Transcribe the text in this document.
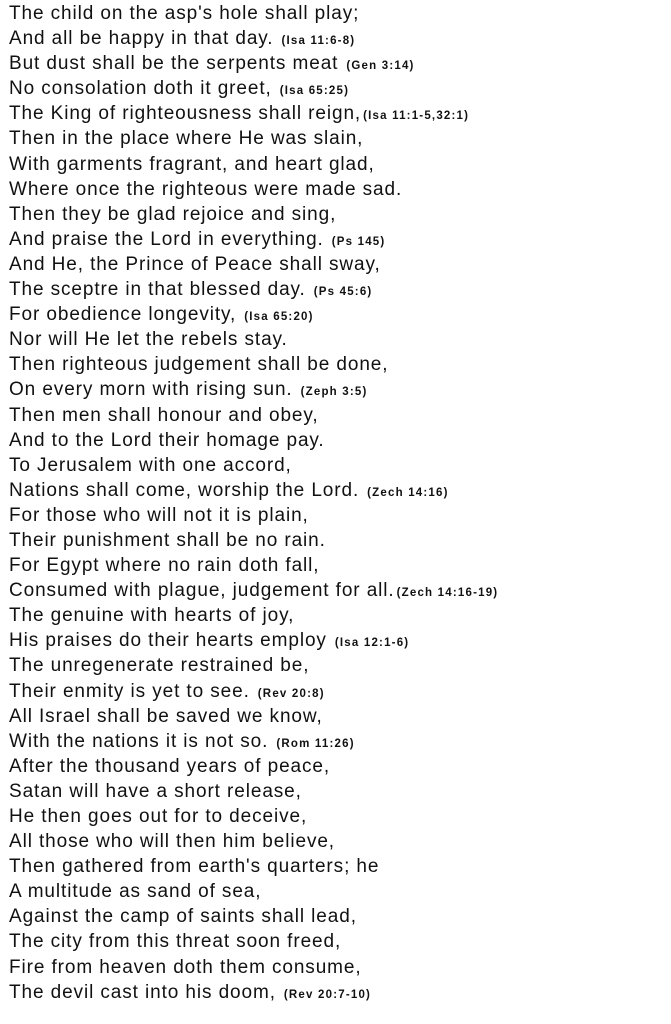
The child on the asp's hole shall play;
And all be happy in that day. (Isa 11:6-8)
But dust shall be the serpents meat (Gen 3:14)
No consolation doth it greet, (Isa 65:25)
The King of righteousness shall reign, (Isa 11:1-5,32:1)
Then in the place where He was slain,
With garments fragrant, and heart glad,
Where once the righteous were made sad.
Then they be glad rejoice and sing,
And praise the Lord in everything. (Ps 145)
And He, the Prince of Peace shall sway,
The sceptre in that blessed day. (Ps 45:6)
For obedience longevity, (Isa 65:20)
Nor will He let the rebels stay.
Then righteous judgement shall be done,
On every morn with rising sun. (Zeph 3:5)
Then men shall honour and obey,
And to the Lord their homage pay.
To Jerusalem with one accord,
Nations shall come, worship the Lord. (Zech 14:16)
For those who will not it is plain,
Their punishment shall be no rain.
For Egypt where no rain doth fall,
Consumed with plague, judgement for all. (Zech 14:16-19)
The genuine with hearts of joy,
His praises do their hearts employ (Isa 12:1-6)
The unregenerate restrained be,
Their enmity is yet to see. (Rev 20:8)
All Israel shall be saved we know,
With the nations it is not so. (Rom 11:26)
After the thousand years of peace,
Satan will have a short release,
He then goes out for to deceive,
All those who will then him believe,
Then gathered from earth's quarters; he
A multitude as sand of sea,
Against the camp of saints shall lead,
The city from this threat soon freed,
Fire from heaven doth them consume,
The devil cast into his doom, (Rev 20:7-10)
